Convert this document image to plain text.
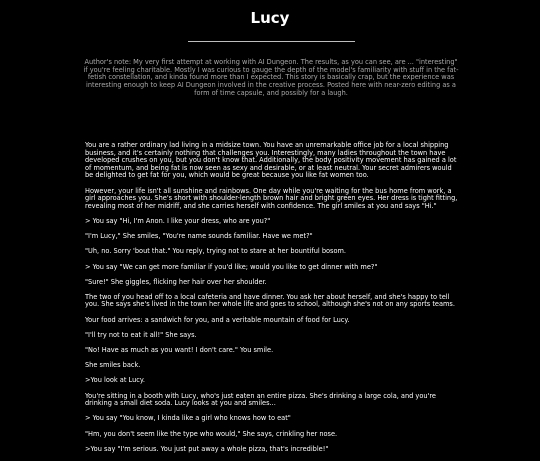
Lucy
Author's note: My very first attempt at working with AI Dungeon. The results, as you can see, are ... "interesting" if you're feeling charitable. Mostly I was curious to gauge the depth of the model's familiarity with stuff in the fat-fetish constellation, and kinda found more than I expected. This story is basically crap, but the experience was interesting enough to keep AI Dungeon involved in the creative process. Posted here with near-zero editing as a form of time capsule, and possibly for a laugh.

You are a rather ordinary lad living in a midsize town. You have an unremarkable office job for a local shipping business, and it's certainly nothing that challenges you. Interestingly, many ladies throughout the town have developed crushes on you, but you don't know that. Additionally, the body positivity movement has gained a lot of momentum, and being fat is now seen as sexy and desirable, or at least neutral. Your secret admirers would be delighted to get fat for you, which would be great because you like fat women too.

However, your life isn't all sunshine and rainbows. One day while you're waiting for the bus home from work, a girl approaches you. She's short with shoulder-length brown hair and bright green eyes. Her dress is tight fitting, revealing most of her midriff, and she carries herself with confidence. The girl smiles at you and says "Hi."

> You say "Hi, I'm Anon. I like your dress, who are you?"

"I'm Lucy," She smiles, "You're name sounds familiar. Have we met?"

"Uh, no. Sorry 'bout that." You reply, trying not to stare at her bountiful bosom.

> You say "We can get more familiar if you'd like; would you like to get dinner with me?"

"Sure!" She giggles, flicking her hair over her shoulder.

The two of you head off to a local cafeteria and have dinner. You ask her about herself, and she's happy to tell you. She says she's lived in the town her whole life and goes to school, although she's not on any sports teams.

Your food arrives: a sandwich for you, and a veritable mountain of food for Lucy.

"I'll try not to eat it all!" She says.

"No! Have as much as you want! I don't care." You smile.

She smiles back.

>You look at Lucy.

You're sitting in a booth with Lucy, who's just eaten an entire pizza. She's drinking a large cola, and you're drinking a small diet soda. Lucy looks at you and smiles...

> You say "You know, I kinda like a girl who knows how to eat"

"Hm, you don't seem like the type who would," She says, crinkling her nose.

>You say "I'm serious. You just put away a whole pizza, that's incredible!"
